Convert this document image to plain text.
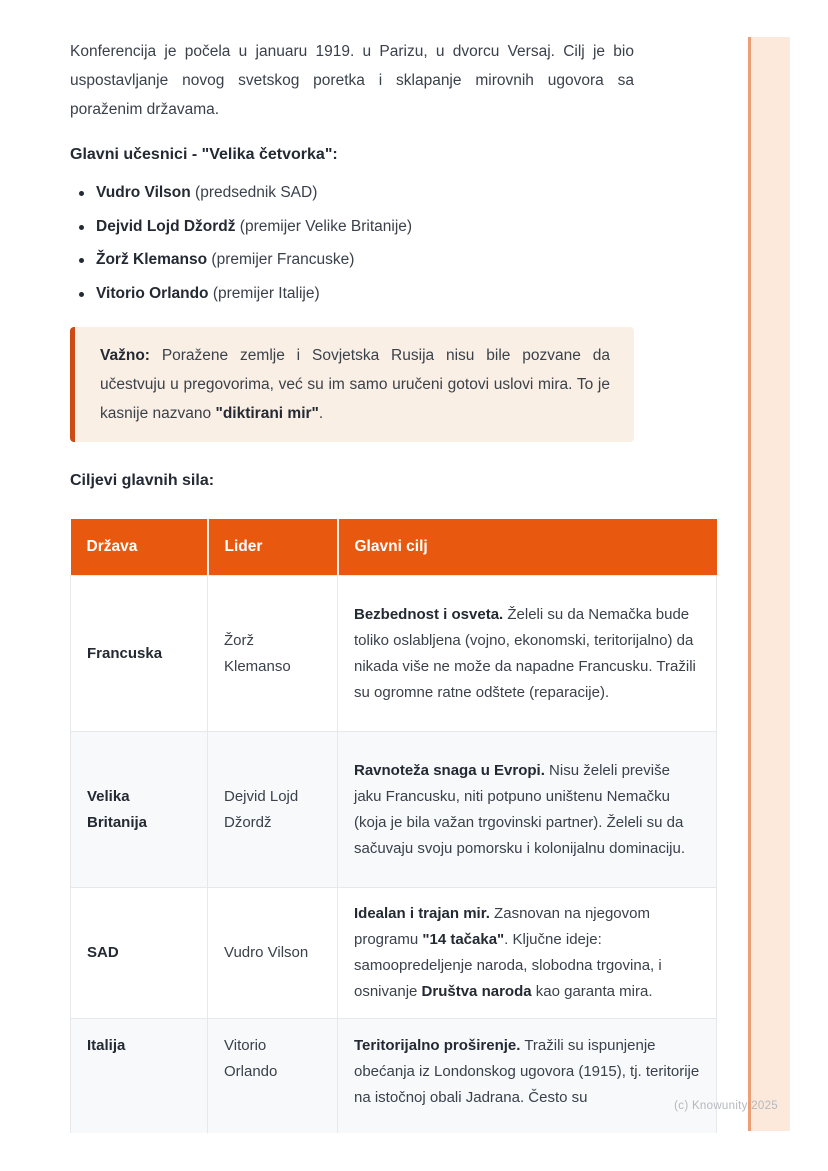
Konferencija je počela u januaru 1919. u Parizu, u dvorcu Versaj. Cilj je bio uspostavljanje novog svetskog poretka i sklapanje mirovnih ugovora sa poraženim državama.

Glavni učesnici - "Velika četvorka":
Vudro Vilson (predsednik SAD)
Dejvid Lojd Džordž (premijer Velike Britanije)
Žorž Klemanso (premijer Francuske)
Vitorio Orlando (premijer Italije)

Važno: Poražene zemlje i Sovjetska Rusija nisu bile pozvane da učestvuju u pregovorima, već su im samo uručeni gotovi uslovi mira. To je kasnije nazvano "diktirani mir".

Ciljevi glavnih sila:
Država	Lider	Glavni cilj
Francuska	Žorž Klemanso	Bezbednost i osveta. Želeli su da Nemačka bude toliko oslabljena (vojno, ekonomski, teritorijalno) da nikada više ne može da napadne Francusku. Tražili su ogromne ratne odštete (reparacije).
Velika Britanija	Dejvid Lojd Džordž	Ravnoteža snaga u Evropi. Nisu želeli previše jaku Francusku, niti potpuno uništenu Nemačku (koja je bila važan trgovinski partner). Želeli su da sačuvaju svoju pomorsku i kolonijalnu dominaciju.
SAD	Vudro Vilson	Idealan i trajan mir. Zasnovan na njegovom programu "14 tačaka". Ključne ideje: samoopredeljenje naroda, slobodna trgovina, i osnivanje Društva naroda kao garanta mira.
Italija	Vitorio Orlando	Teritorijalno proširenje. Tražili su ispunjenje obećanja iz Londonskog ugovora (1915), tj. teritorije na istočnoj obali Jadrana. Često su	(c) Knowunity 2025
